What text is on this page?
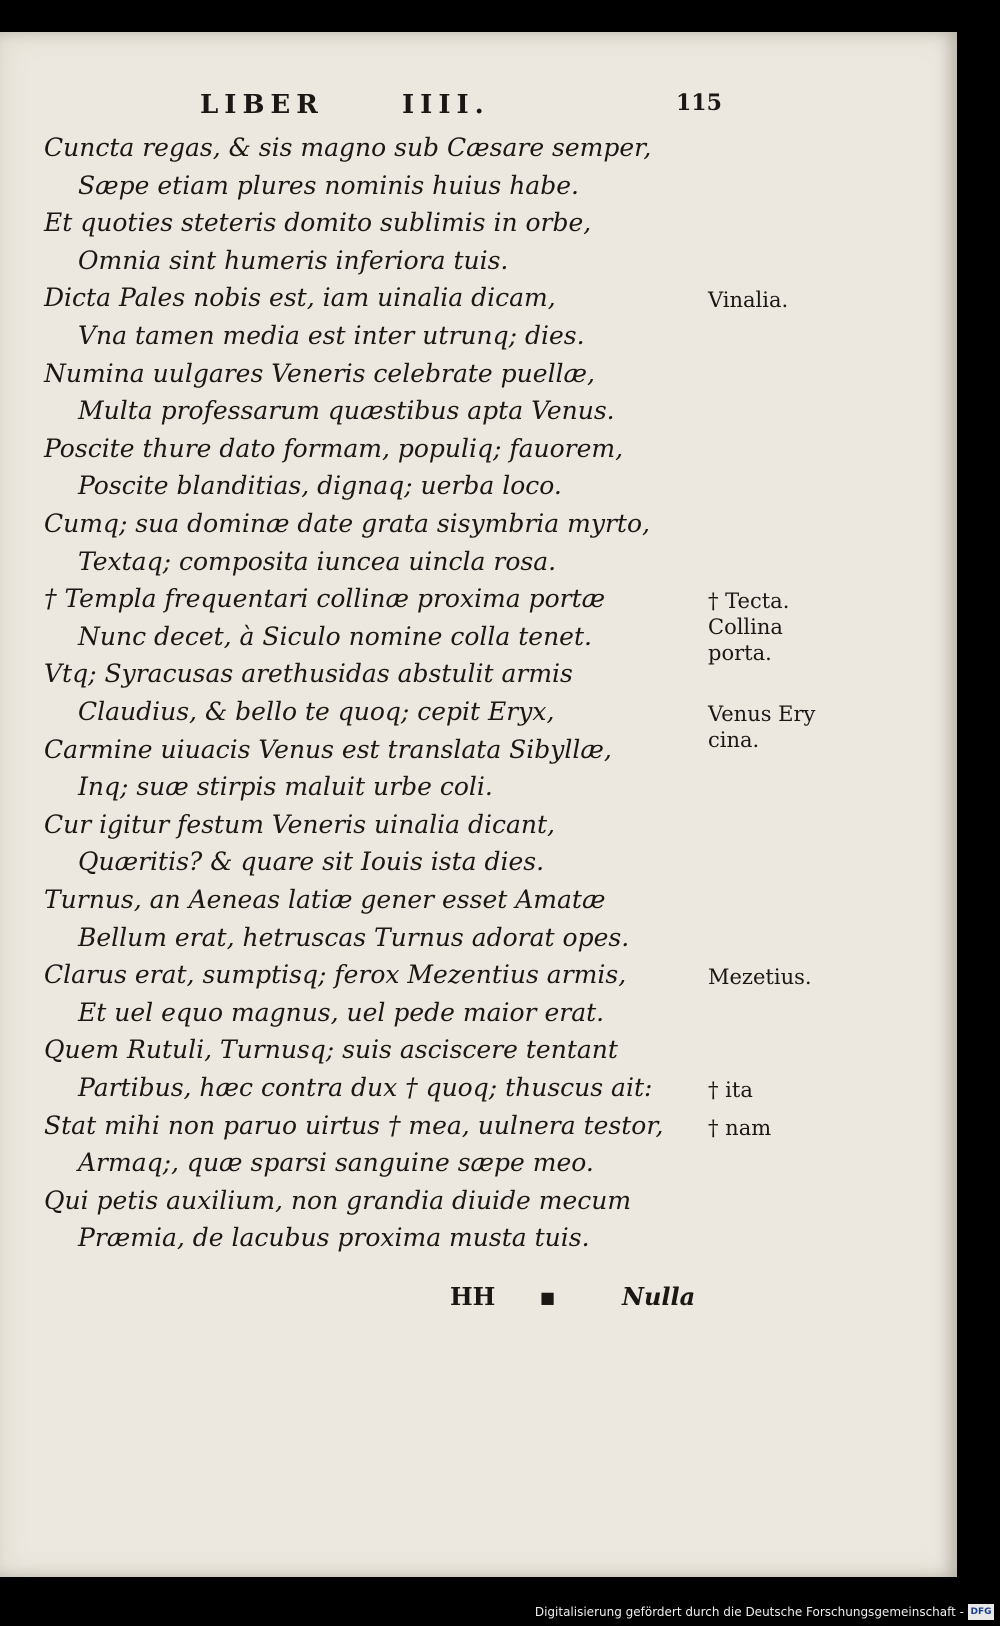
LIBER	IIII.	115
Cuncta regas, & sis magno sub Cæsare semper,
Sæpe etiam plures nominis huius habe.
Et quoties steteris domito sublimis in orbe,
Omnia sint humeris inferiora tuis.
Dicta Pales nobis est, iam uinalia dicam,
Vna tamen media est inter utrunq; dies.
Numina uulgares Veneris celebrate puellæ,
Multa professarum quæstibus apta Venus.
Poscite thure dato formam, populiq; fauorem,
Poscite blanditias, dignaq; uerba loco.
Cumq; sua dominæ date grata sisymbria myrto,
Textaq; composita iuncea uincla rosa.
† Templa frequentari collinæ proxima portæ
Nunc decet, à Siculo nomine colla tenet.
Vtq; Syracusas arethusidas abstulit armis
Claudius, & bello te quoq; cepit Eryx,
Carmine uiuacis Venus est translata Sibyllæ,
Inq; suæ stirpis maluit urbe coli.
Cur igitur festum Veneris uinalia dicant,
Quæritis? & quare sit Iouis ista dies.
Turnus, an Aeneas latiæ gener esset Amatæ
Bellum erat, hetruscas Turnus adorat opes.
Clarus erat, sumptisq; ferox Mezentius armis,
Et uel equo magnus, uel pede maior erat.
Quem Rutuli, Turnusq; suis asciscere tentant
Partibus, hæc contra dux † quoq; thuscus ait:
Stat mihi non paruo uirtus † mea, uulnera testor,
Armaq;, quæ sparsi sanguine sæpe meo.
Qui petis auxilium, non grandia diuide mecum
Præmia, de lacubus proxima musta tuis.
Vinalia.
† Tecta.
Collina
porta.
Venus Ery
cina.
Mezetius.
† ita
† nam
HH	■	Nulla
Digitalisierung gefördert durch die Deutsche Forschungsgemeinschaft - DFG
